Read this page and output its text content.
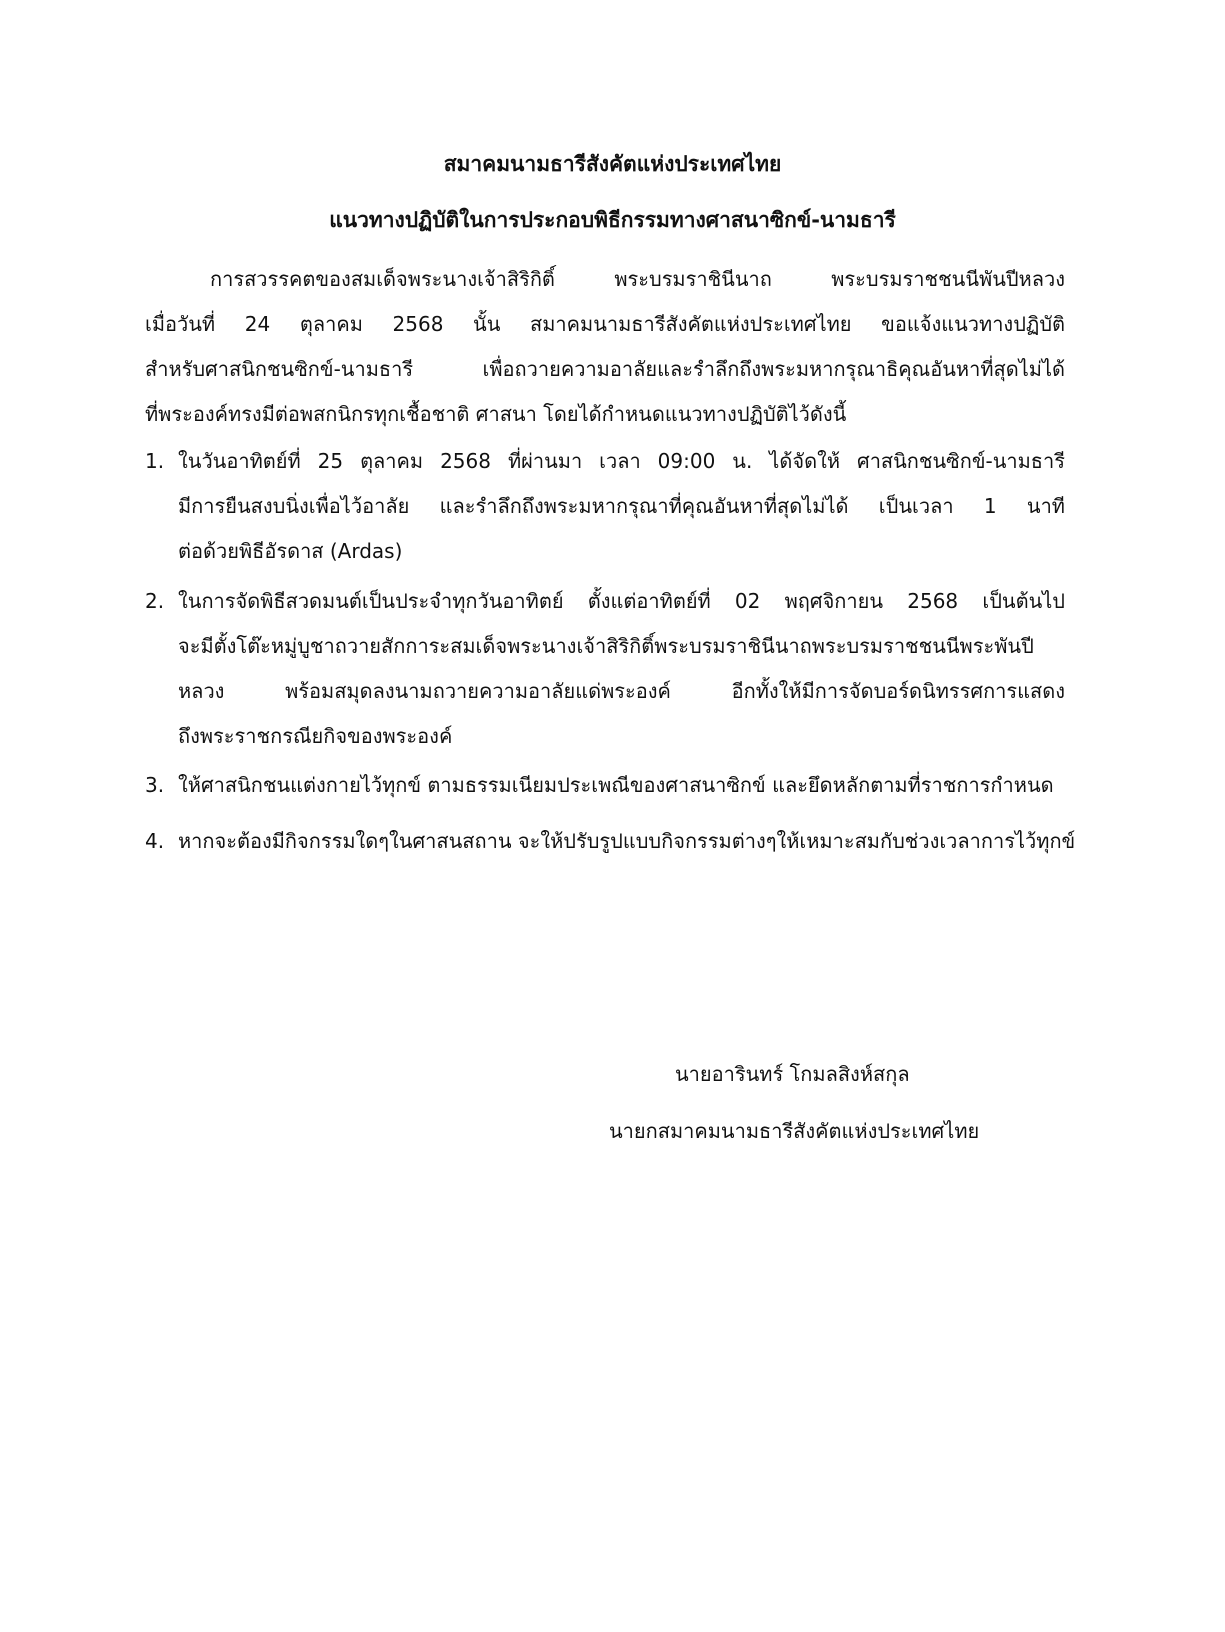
สมาคมนามธารีสังคัตแห่งประเทศไทย
แนวทางปฏิบัติในการประกอบพิธีกรรมทางศาสนาซิกข์-นามธารี
การสวรรคตของสมเด็จพระนางเจ้าสิริกิติ์ พระบรมราชินีนาถ พระบรมราชชนนีพันปีหลวง
เมื่อวันที่ 24 ตุลาคม 2568 นั้น สมาคมนามธารีสังคัตแห่งประเทศไทย ขอแจ้งแนวทางปฏิบัติ
สำหรับศาสนิกชนซิกข์-นามธารี เพื่อถวายความอาลัยและรำลึกถึงพระมหากรุณาธิคุณอันหาที่สุดไม่ได้
ที่พระองค์ทรงมีต่อพสกนิกรทุกเชื้อชาติ ศาสนา โดยได้กำหนดแนวทางปฏิบัติไว้ดังนี้
1. ในวันอาทิตย์ที่ 25 ตุลาคม 2568 ที่ผ่านมา เวลา 09:00 น. ได้จัดให้ ศาสนิกชนซิกข์-นามธารี
มีการยืนสงบนิ่งเพื่อไว้อาลัย และรำลึกถึงพระมหากรุณาที่คุณอันหาที่สุดไม่ได้ เป็นเวลา 1 นาที
ต่อด้วยพิธีอัรดาส (Ardas)
2. ในการจัดพิธีสวดมนต์เป็นประจำทุกวันอาทิตย์ ตั้งแต่อาทิตย์ที่ 02 พฤศจิกายน 2568 เป็นต้นไป
จะมีตั้งโต๊ะหมู่บูชาถวายสักการะสมเด็จพระนางเจ้าสิริกิติ์พระบรมราชินีนาถพระบรมราชชนนีพระพันปี
หลวง พร้อมสมุดลงนามถวายความอาลัยแด่พระองค์ อีกทั้งให้มีการจัดบอร์ดนิทรรศการแสดง
ถึงพระราชกรณียกิจของพระองค์
3. ให้ศาสนิกชนแต่งกายไว้ทุกข์ ตามธรรมเนียมประเพณีของศาสนาซิกข์ และยึดหลักตามที่ราชการกำหนด
4. หากจะต้องมีกิจกรรมใดๆในศาสนสถาน จะให้ปรับรูปแบบกิจกรรมต่างๆให้เหมาะสมกับช่วงเวลาการไว้ทุกข์
นายอารินทร์ โกมลสิงห์สกุล
นายกสมาคมนามธารีสังคัตแห่งประเทศไทย
